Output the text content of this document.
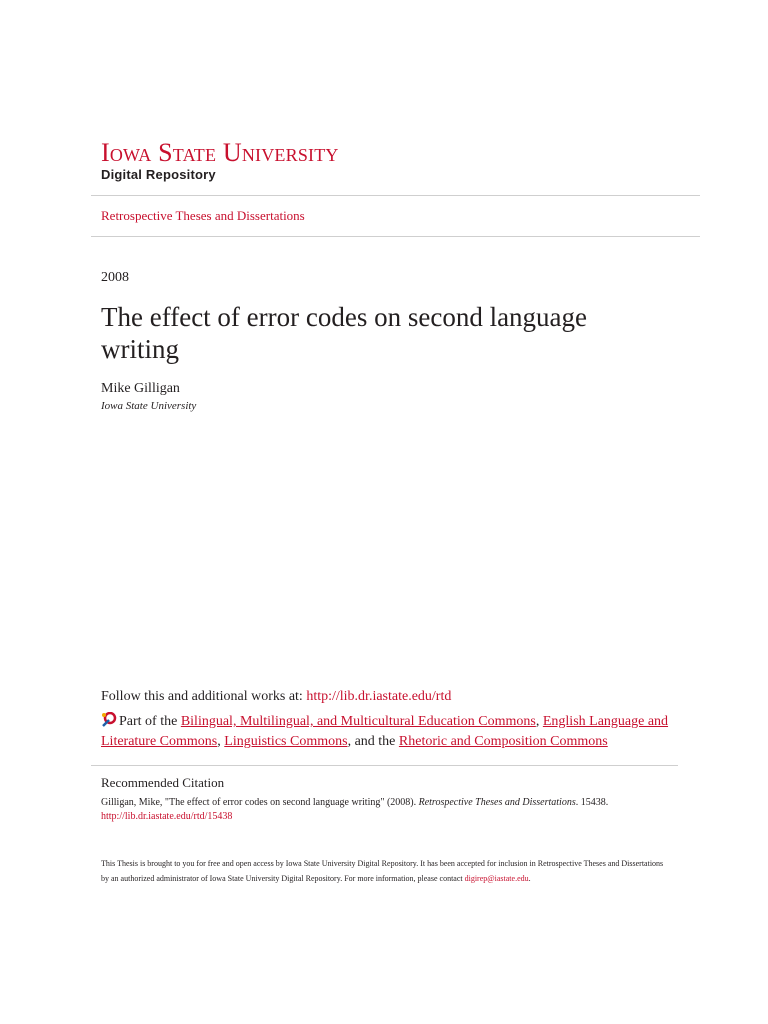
Iowa State University
Digital Repository
Retrospective Theses and Dissertations
2008
The effect of error codes on second language writing
Mike Gilligan
Iowa State University
Follow this and additional works at: http://lib.dr.iastate.edu/rtd
Part of the Bilingual, Multilingual, and Multicultural Education Commons, English Language and Literature Commons, Linguistics Commons, and the Rhetoric and Composition Commons
Recommended Citation
Gilligan, Mike, "The effect of error codes on second language writing" (2008). Retrospective Theses and Dissertations. 15438.
http://lib.dr.iastate.edu/rtd/15438
This Thesis is brought to you for free and open access by Iowa State University Digital Repository. It has been accepted for inclusion in Retrospective Theses and Dissertations by an authorized administrator of Iowa State University Digital Repository. For more information, please contact digirep@iastate.edu.
